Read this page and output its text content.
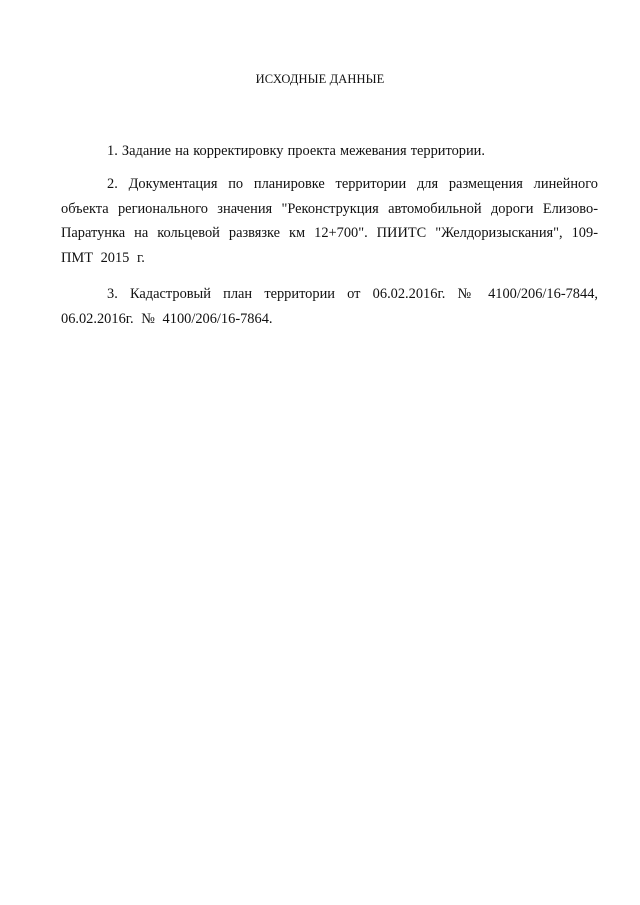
ИСХОДНЫЕ ДАННЫЕ

1. Задание на корректировку проекта межевания территории.

2. Документация по планировке территории для размещения линейного объекта регионального значения "Реконструкция автомобильной дороги Елизово-Паратунка на кольцевой развязке км 12+700". ПИИТС "Желдоризыскания", 109-ПМТ 2015 г.

3. Кадастровый план территории от 06.02.2016г. № 4100/206/16-7844, 06.02.2016г. № 4100/206/16-7864.
